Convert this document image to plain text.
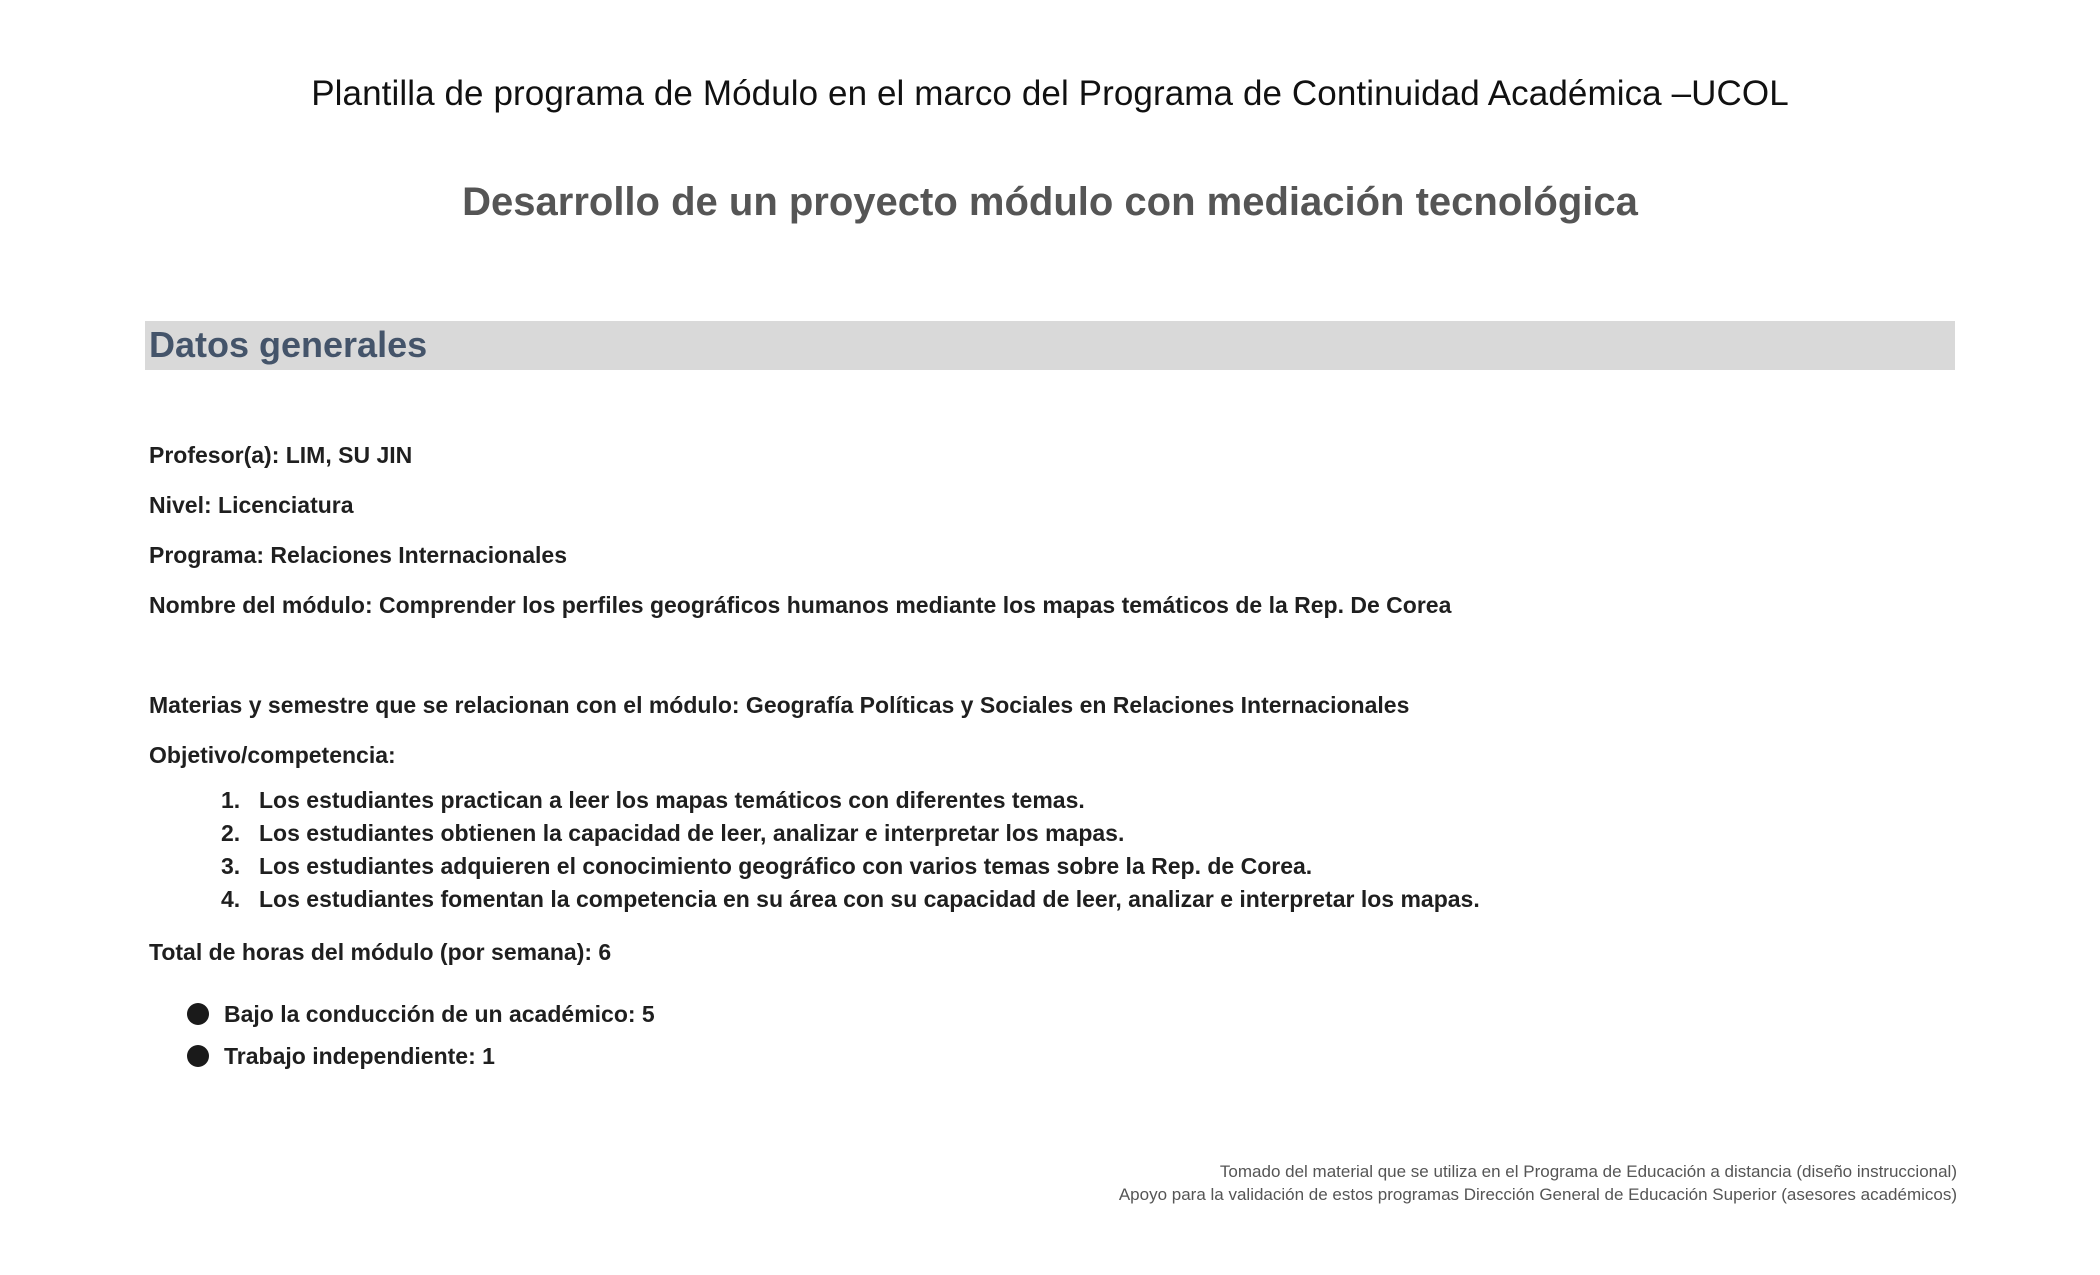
Plantilla de programa de Módulo en el marco del Programa de Continuidad Académica –UCOL
Desarrollo de un proyecto módulo con mediación tecnológica
Datos generales
Profesor(a): LIM, SU JIN
Nivel: Licenciatura
Programa: Relaciones Internacionales
Nombre del módulo: Comprender los perfiles geográficos humanos mediante los mapas temáticos de la Rep. De Corea
Materias y semestre que se relacionan con el módulo: Geografía Políticas y Sociales en Relaciones Internacionales
Objetivo/competencia:
1. Los estudiantes practican a leer los mapas temáticos con diferentes temas.
2. Los estudiantes obtienen la capacidad de leer, analizar e interpretar los mapas.
3. Los estudiantes adquieren el conocimiento geográfico con varios temas sobre la Rep. de Corea.
4. Los estudiantes fomentan la competencia en su área con su capacidad de leer, analizar e interpretar los mapas.
Total de horas del módulo (por semana): 6
Bajo la conducción de un académico: 5
Trabajo independiente: 1
Tomado del material que se utiliza en el Programa de Educación a distancia (diseño instruccional)
Apoyo para la validación de estos programas Dirección General de Educación Superior (asesores académicos)
